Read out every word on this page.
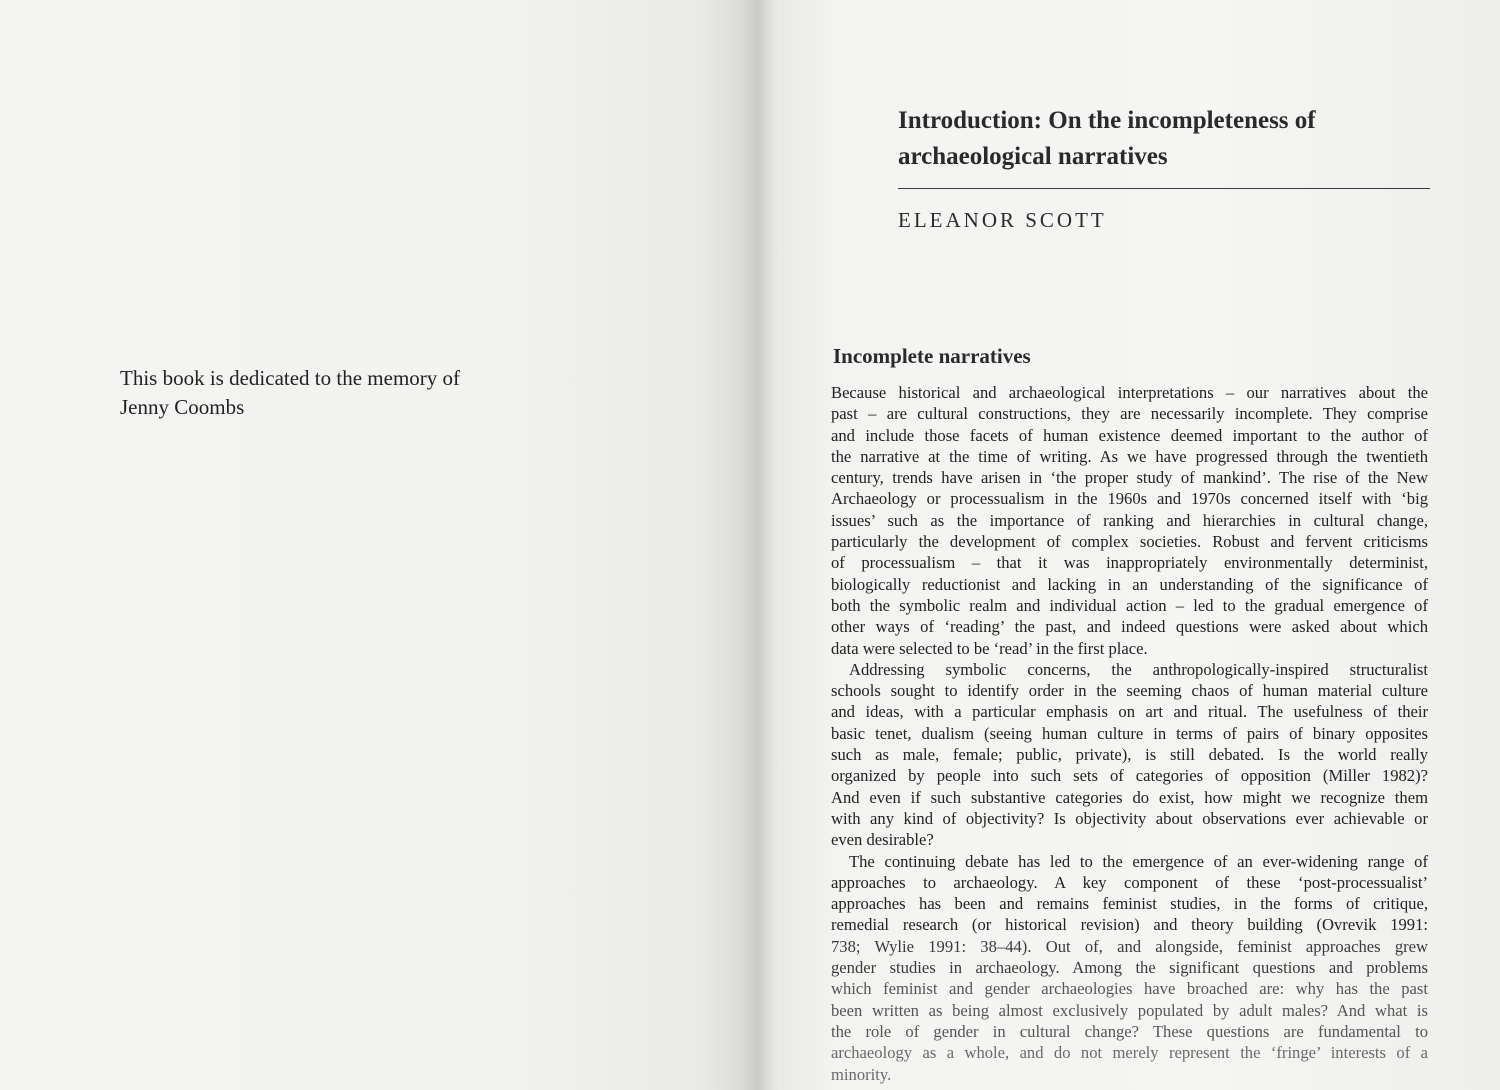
This book is dedicated to the memory of
Jenny Coombs
Introduction: On the incompleteness of
archaeological narratives
ELEANOR SCOTT
Incomplete narratives
Because historical and archaeological interpretations – our narratives about the
past – are cultural constructions, they are necessarily incomplete. They comprise
and include those facets of human existence deemed important to the author of
the narrative at the time of writing. As we have progressed through the twentieth
century, trends have arisen in ‘the proper study of mankind’. The rise of the New
Archaeology or processualism in the 1960s and 1970s concerned itself with ‘big
issues’ such as the importance of ranking and hierarchies in cultural change,
particularly the development of complex societies. Robust and fervent criticisms
of processualism – that it was inappropriately environmentally determinist,
biologically reductionist and lacking in an understanding of the significance of
both the symbolic realm and individual action – led to the gradual emergence of
other ways of ‘reading’ the past, and indeed questions were asked about which
data were selected to be ‘read’ in the first place.
Addressing symbolic concerns, the anthropologically-inspired structuralist
schools sought to identify order in the seeming chaos of human material culture
and ideas, with a particular emphasis on art and ritual. The usefulness of their
basic tenet, dualism (seeing human culture in terms of pairs of binary opposites
such as male, female; public, private), is still debated. Is the world really
organized by people into such sets of categories of opposition (Miller 1982)?
And even if such substantive categories do exist, how might we recognize them
with any kind of objectivity? Is objectivity about observations ever achievable or
even desirable?
The continuing debate has led to the emergence of an ever-widening range of
approaches to archaeology. A key component of these ‘post-processualist’
approaches has been and remains feminist studies, in the forms of critique,
remedial research (or historical revision) and theory building (Ovrevik 1991:
738; Wylie 1991: 38–44). Out of, and alongside, feminist approaches grew
gender studies in archaeology. Among the significant questions and problems
which feminist and gender archaeologies have broached are: why has the past
been written as being almost exclusively populated by adult males? And what is
the role of gender in cultural change? These questions are fundamental to
archaeology as a whole, and do not merely represent the ‘fringe’ interests of a
minority.
